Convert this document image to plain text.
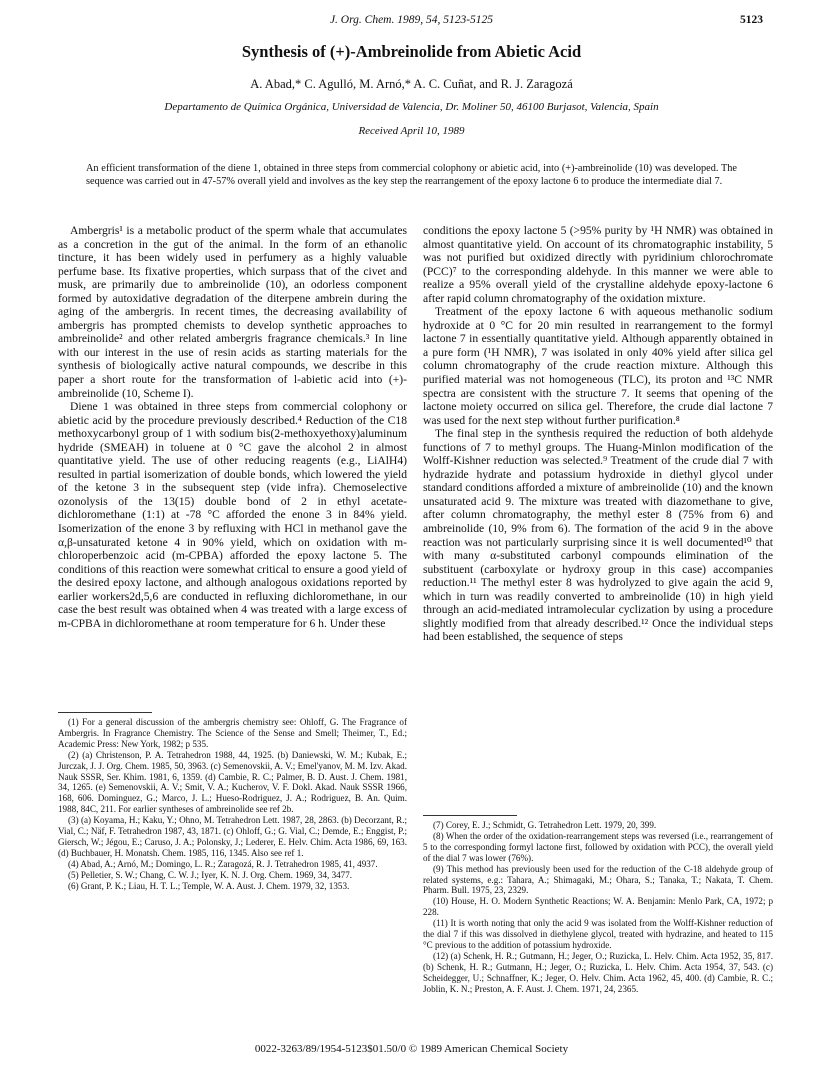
J. Org. Chem. 1989, 54, 5123-5125	5123
Synthesis of (+)-Ambreinolide from Abietic Acid
A. Abad,* C. Agulló, M. Arnó,* A. C. Cuñat, and R. J. Zaragozá
Departamento de Química Orgánica, Universidad de Valencia, Dr. Moliner 50, 46100 Burjasot, Valencia, Spain
Received April 10, 1989
An efficient transformation of the diene 1, obtained in three steps from commercial colophony or abietic acid, into (+)-ambreinolide (10) was developed. The sequence was carried out in 47-57% overall yield and involves as the key step the rearrangement of the epoxy lactone 6 to produce the intermediate dial 7.

Ambergris¹ is a metabolic product of the sperm whale that accumulates as a concretion in the gut of the animal. In the form of an ethanolic tincture, it has been widely used in perfumery as a highly valuable perfume base. Its fixative properties, which surpass that of the civet and musk, are primarily due to ambreinolide (10), an odorless component formed by autoxidative degradation of the diterpene ambrein during the aging of the ambergris. In recent times, the decreasing availability of ambergris has prompted chemists to develop synthetic approaches to ambreinolide² and other related ambergris fragrance chemicals.³ In line with our interest in the use of resin acids as starting materials for the synthesis of biologically active natural compounds, we describe in this paper a short route for the transformation of l-abietic acid into (+)-ambreinolide (10, Scheme I).

Diene 1 was obtained in three steps from commercial colophony or abietic acid by the procedure previously described.⁴ Reduction of the C18 methoxycarbonyl group of 1 with sodium bis(2-methoxyethoxy)aluminum hydride (SMEAH) in toluene at 0 °C gave the alcohol 2 in almost quantitative yield. The use of other reducing reagents (e.g., LiAlH4) resulted in partial isomerization of double bonds, which lowered the yield of the ketone 3 in the subsequent step (vide infra). Chemoselective ozonolysis of the 13(15) double bond of 2 in ethyl acetate-dichloromethane (1:1) at -78 °C afforded the enone 3 in 84% yield. Isomerization of the enone 3 by refluxing with HCl in methanol gave the α,β-unsaturated ketone 4 in 90% yield, which on oxidation with m-chloroperbenzoic acid (m-CPBA) afforded the epoxy lactone 5. The conditions of this reaction were somewhat critical to ensure a good yield of the desired epoxy lactone, and although analogous oxidations reported by earlier workers2d,5,6 are conducted in refluxing dichloromethane, in our case the best result was obtained when 4 was treated with a large excess of m-CPBA in dichloromethane at room temperature for 6 h. Under these

conditions the epoxy lactone 5 (>95% purity by ¹H NMR) was obtained in almost quantitative yield. On account of its chromatographic instability, 5 was not purified but oxidized directly with pyridinium chlorochromate (PCC)⁷ to the corresponding aldehyde. In this manner we were able to realize a 95% overall yield of the crystalline aldehyde epoxy-lactone 6 after rapid column chromatography of the oxidation mixture.

Treatment of the epoxy lactone 6 with aqueous methanolic sodium hydroxide at 0 °C for 20 min resulted in rearrangement to the formyl lactone 7 in essentially quantitative yield. Although apparently obtained in a pure form (¹H NMR), 7 was isolated in only 40% yield after silica gel column chromatography of the crude reaction mixture. Although this purified material was not homogeneous (TLC), its proton and ¹³C NMR spectra are consistent with the structure 7. It seems that opening of the lactone moiety occurred on silica gel. Therefore, the crude dial lactone 7 was used for the next step without further purification.⁸

The final step in the synthesis required the reduction of both aldehyde functions of 7 to methyl groups. The Huang-Minlon modification of the Wolff-Kishner reduction was selected.⁹ Treatment of the crude dial 7 with hydrazide hydrate and potassium hydroxide in diethyl glycol under standard conditions afforded a mixture of ambreinolide (10) and the known unsaturated acid 9. The mixture was treated with diazomethane to give, after column chromatography, the methyl ester 8 (75% from 6) and ambreinolide (10, 9% from 6). The formation of the acid 9 in the above reaction was not particularly surprising since it is well documented¹⁰ that with many α-substituted carbonyl compounds elimination of the substituent (carboxylate or hydroxy group in this case) accompanies reduction.¹¹ The methyl ester 8 was hydrolyzed to give again the acid 9, which in turn was readily converted to ambreinolide (10) in high yield through an acid-mediated intramolecular cyclization by using a procedure slightly modified from that already described.¹² Once the individual steps had been established, the sequence of steps

(1) For a general discussion of the ambergris chemistry see: Ohloff, G. The Fragrance of Ambergris. In Fragrance Chemistry. The Science of the Sense and Smell; Theimer, T., Ed.; Academic Press: New York, 1982; p 535.

(2) (a) Christenson, P. A. Tetrahedron 1988, 44, 1925. (b) Daniewski, W. M.; Kubak, E.; Jurczak, J. J. Org. Chem. 1985, 50, 3963. (c) Semenovskii, A. V.; Emel'yanov, M. M. Izv. Akad. Nauk SSSR, Ser. Khim. 1981, 6, 1359. (d) Cambie, R. C.; Palmer, B. D. Aust. J. Chem. 1981, 34, 1265. (e) Semenovskii, A. V.; Smit, V. A.; Kucherov, V. F. Dokl. Akad. Nauk SSSR 1966, 168, 606. Dominguez, G.; Marco, J. L.; Hueso-Rodriguez, J. A.; Rodriguez, B. An. Quim. 1988, 84C, 211. For earlier syntheses of ambreinolide see ref 2b.

(3) (a) Koyama, H.; Kaku, Y.; Ohno, M. Tetrahedron Lett. 1987, 28, 2863. (b) Decorzant, R.; Vial, C.; Näf, F. Tetrahedron 1987, 43, 1871. (c) Ohloff, G.; G. Vial, C.; Demde, E.; Enggist, P.; Giersch, W.; Jégou, E.; Caruso, J. A.; Polonsky, J.; Lederer, E. Helv. Chim. Acta 1986, 69, 163. (d) Buchbauer, H. Monatsh. Chem. 1985, 116, 1345. Also see ref 1.

(4) Abad, A.; Arnó, M.; Domingo, L. R.; Zaragozá, R. J. Tetrahedron 1985, 41, 4937.

(5) Pelletier, S. W.; Chang, C. W. J.; Iyer, K. N. J. Org. Chem. 1969, 34, 3477.

(6) Grant, P. K.; Liau, H. T. L.; Temple, W. A. Aust. J. Chem. 1979, 32, 1353.

(7) Corey, E. J.; Schmidt, G. Tetrahedron Lett. 1979, 20, 399.

(8) When the order of the oxidation-rearrangement steps was reversed (i.e., rearrangement of 5 to the corresponding formyl lactone first, followed by oxidation with PCC), the overall yield of the dial 7 was lower (76%).

(9) This method has previously been used for the reduction of the C-18 aldehyde group of related systems, e.g.: Tahara, A.; Shimagaki, M.; Ohara, S.; Tanaka, T.; Nakata, T. Chem. Pharm. Bull. 1975, 23, 2329.

(10) House, H. O. Modern Synthetic Reactions; W. A. Benjamin: Menlo Park, CA, 1972; p 228.

(11) It is worth noting that only the acid 9 was isolated from the Wolff-Kishner reduction of the dial 7 if this was dissolved in diethylene glycol, treated with hydrazine, and heated to 115 °C previous to the addition of potassium hydroxide.

(12) (a) Schenk, H. R.; Gutmann, H.; Jeger, O.; Ruzicka, L. Helv. Chim. Acta 1952, 35, 817. (b) Schenk, H. R.; Gutmann, H.; Jeger, O.; Ruzicka, L. Helv. Chim. Acta 1954, 37, 543. (c) Scheidegger, U.; Schnaffner, K.; Jeger, O. Helv. Chim. Acta 1962, 45, 400. (d) Cambie, R. C.; Joblin, K. N.; Preston, A. F. Aust. J. Chem. 1971, 24, 2365.

0022-3263/89/1954-5123$01.50/0 © 1989 American Chemical Society
